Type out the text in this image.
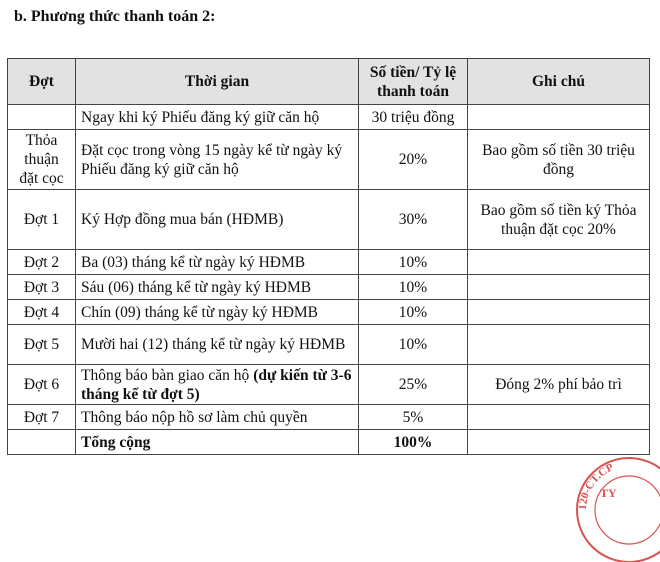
b. Phương thức thanh toán 2:
Đợt	Thời gian	Số tiền/ Tỷ lệ thanh toán	Ghi chú
	Ngay khi ký Phiếu đăng ký giữ căn hộ	30 triệu đồng	
Thỏa thuận đặt cọc	Đặt cọc trong vòng 15 ngày kể từ ngày ký Phiếu đăng ký giữ căn hộ	20%	Bao gồm số tiền 30 triệu đồng
Đợt 1	Ký Hợp đồng mua bán (HĐMB)	30%	Bao gồm số tiền ký Thỏa thuận đặt cọc 20%
Đợt 2	Ba (03) tháng kể từ ngày ký HĐMB	10%	
Đợt 3	Sáu (06) tháng kể từ ngày ký HĐMB	10%	
Đợt 4	Chín (09) tháng kể từ ngày ký HĐMB	10%	
Đợt 5	Mười hai (12) tháng kể từ ngày ký HĐMB	10%	
Đợt 6	Thông báo bàn giao căn hộ (dự kiến từ 3-6 tháng kể từ đợt 5)	25%	Đóng 2% phí bảo trì
Đợt 7	Thông báo nộp hồ sơ làm chủ quyền	5%	
	Tổng cộng	100%	
120-CT.CP
TY
